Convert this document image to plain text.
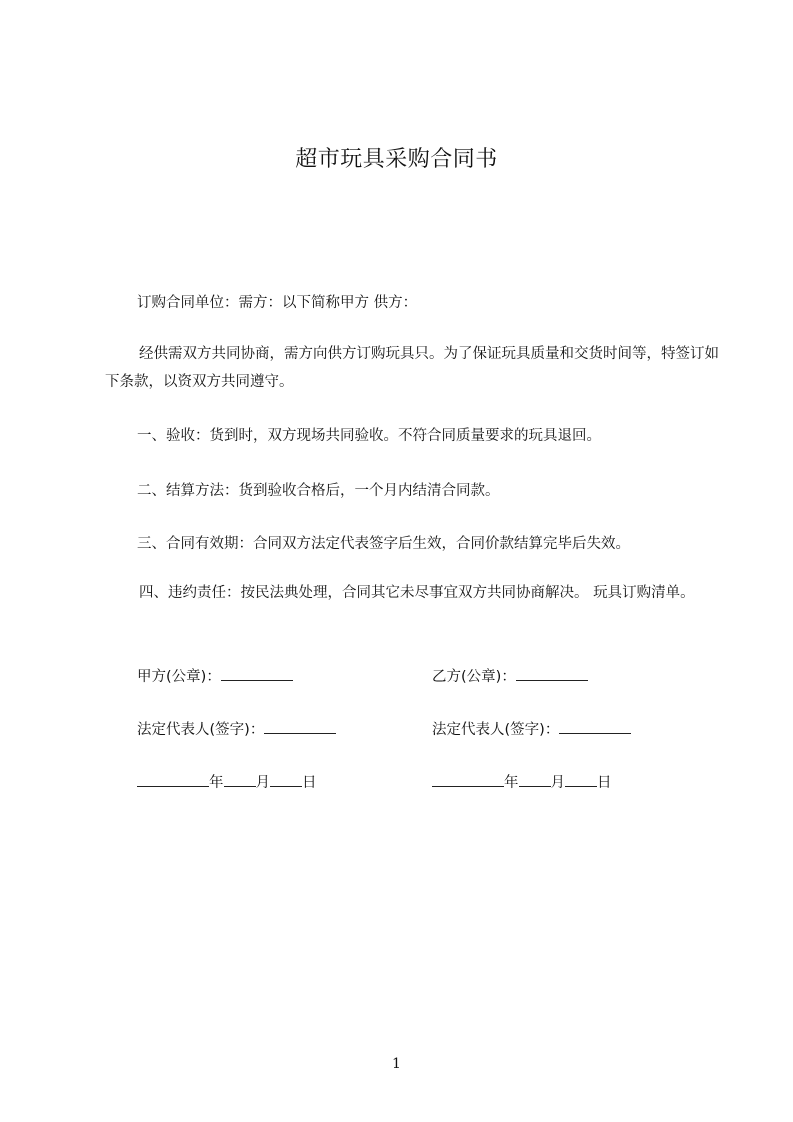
超市玩具采购合同书
订购合同单位：需方：以下简称甲方 供方：
经供需双方共同协商，需方向供方订购玩具只。为了保证玩具质量和交货时间等，特签订如下条款，以资双方共同遵守。
一、验收：货到时，双方现场共同验收。不符合同质量要求的玩具退回。
二、结算方法：货到验收合格后，一个月内结清合同款。
三、合同有效期：合同双方法定代表签字后生效，合同价款结算完毕后失效。
四、违约责任：按民法典处理，合同其它未尽事宜双方共同协商解决。 玩具订购清单。
甲方(公章)：	乙方(公章)：
法定代表人(签字)：	法定代表人(签字)：
年 月 日	年 月 日
1
